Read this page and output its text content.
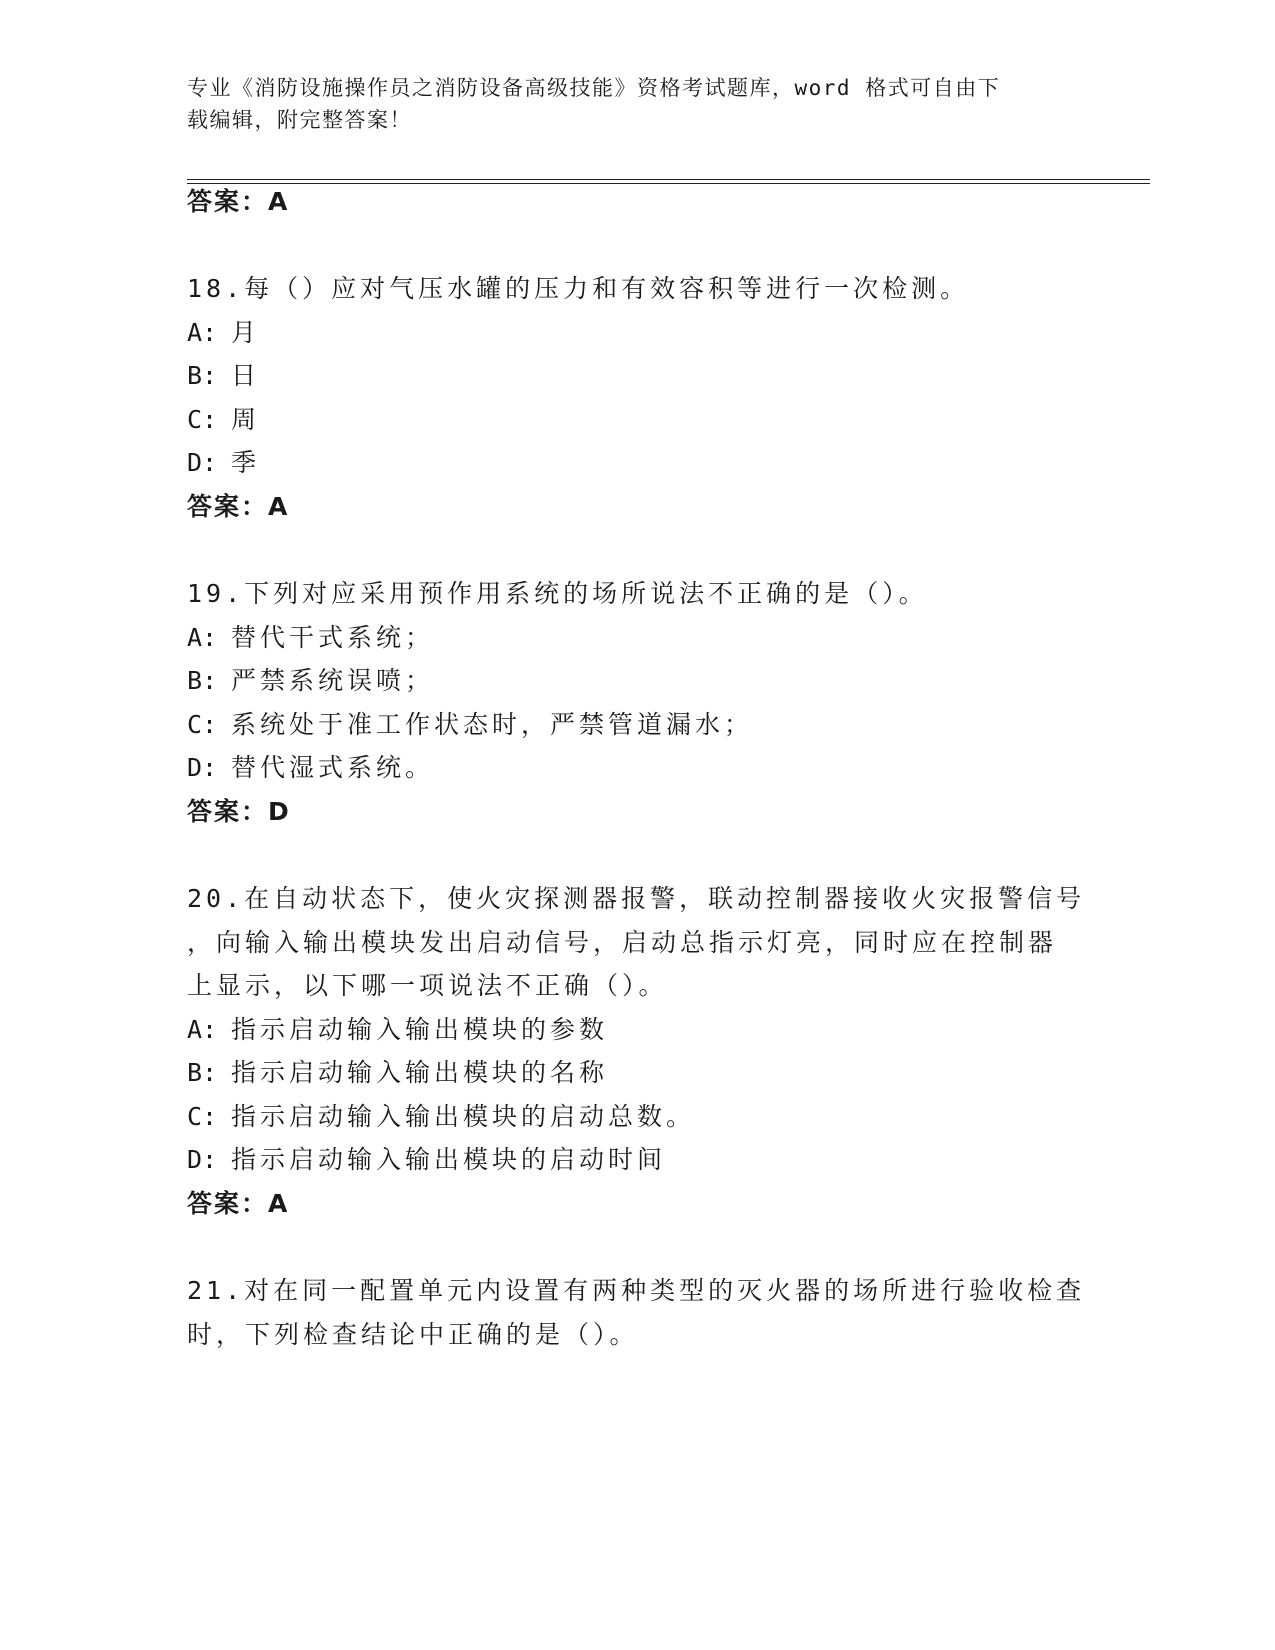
专业《消防设施操作员之消防设备高级技能》资格考试题库，word 格式可自由下
载编辑，附完整答案！
答案：A
18.每（）应对气压水罐的压力和有效容积等进行一次检测。
A: 月
B: 日
C: 周
D: 季
答案：A
19.下列对应采用预作用系统的场所说法不正确的是（）。
A: 替代干式系统；
B: 严禁系统误喷；
C: 系统处于准工作状态时，严禁管道漏水；
D: 替代湿式系统。
答案：D
20.在自动状态下，使火灾探测器报警，联动控制器接收火灾报警信号
，向输入输出模块发出启动信号，启动总指示灯亮，同时应在控制器
上显示，以下哪一项说法不正确（）。
A: 指示启动输入输出模块的参数
B: 指示启动输入输出模块的名称
C: 指示启动输入输出模块的启动总数。
D: 指示启动输入输出模块的启动时间
答案：A
21.对在同一配置单元内设置有两种类型的灭火器的场所进行验收检查
时，下列检查结论中正确的是（）。
